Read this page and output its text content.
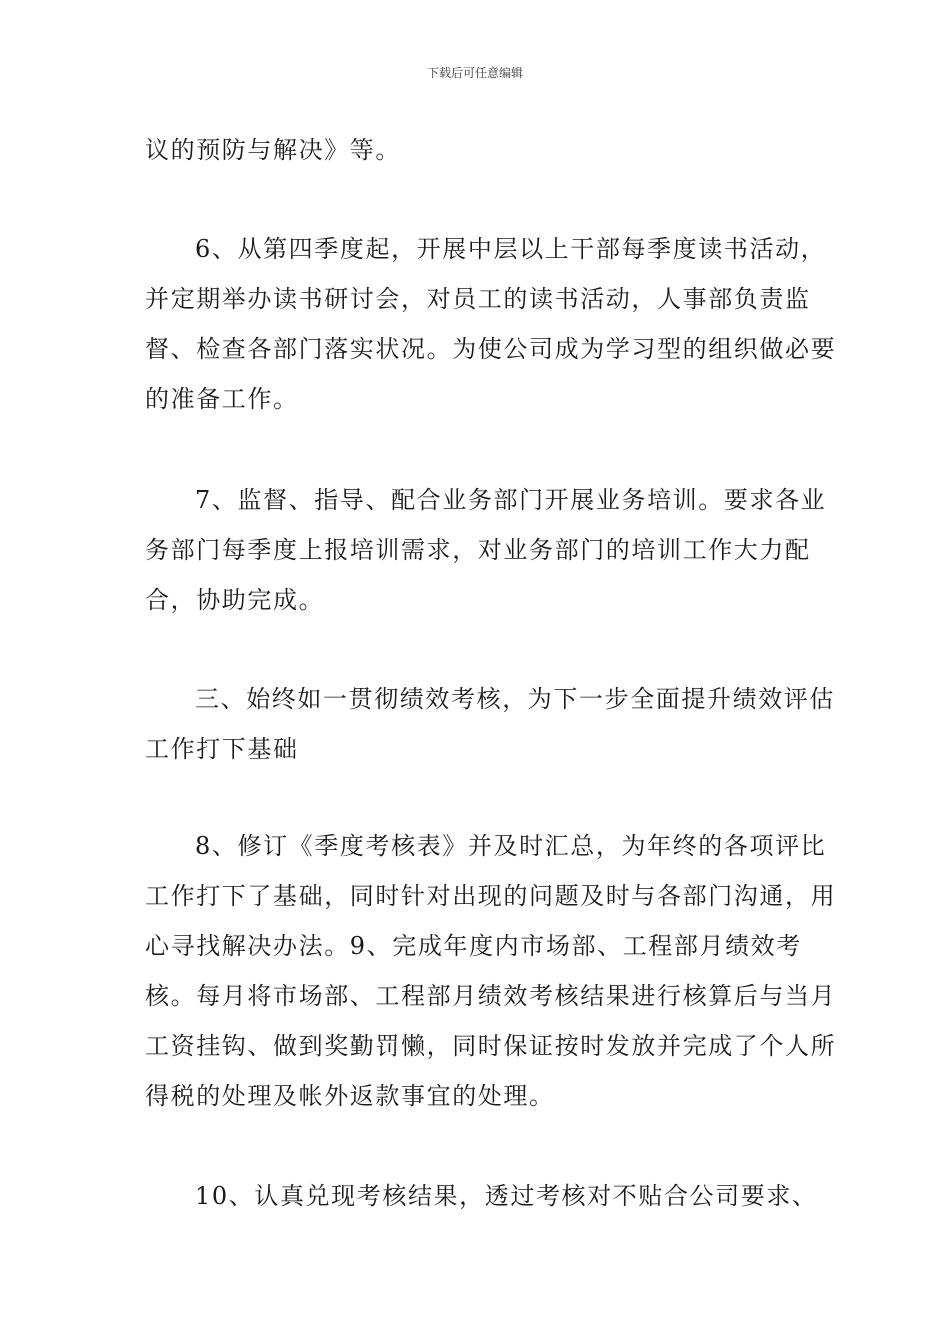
下载后可任意编辑

议的预防与解决》等。

6、从第四季度起，开展中层以上干部每季度读书活动，并定期举办读书研讨会，对员工的读书活动，人事部负责监督、检查各部门落实状况。为使公司成为学习型的组织做必要的准备工作。

7、监督、指导、配合业务部门开展业务培训。要求各业务部门每季度上报培训需求，对业务部门的培训工作大力配合，协助完成。

三、始终如一贯彻绩效考核，为下一步全面提升绩效评估工作打下基础

8、修订《季度考核表》并及时汇总，为年终的各项评比工作打下了基础，同时针对出现的问题及时与各部门沟通，用心寻找解决办法。9、完成年度内市场部、工程部月绩效考核。每月将市场部、工程部月绩效考核结果进行核算后与当月工资挂钩、做到奖勤罚懒，同时保证按时发放并完成了个人所得税的处理及帐外返款事宜的处理。

10、认真兑现考核结果，透过考核对不贴合公司要求、
